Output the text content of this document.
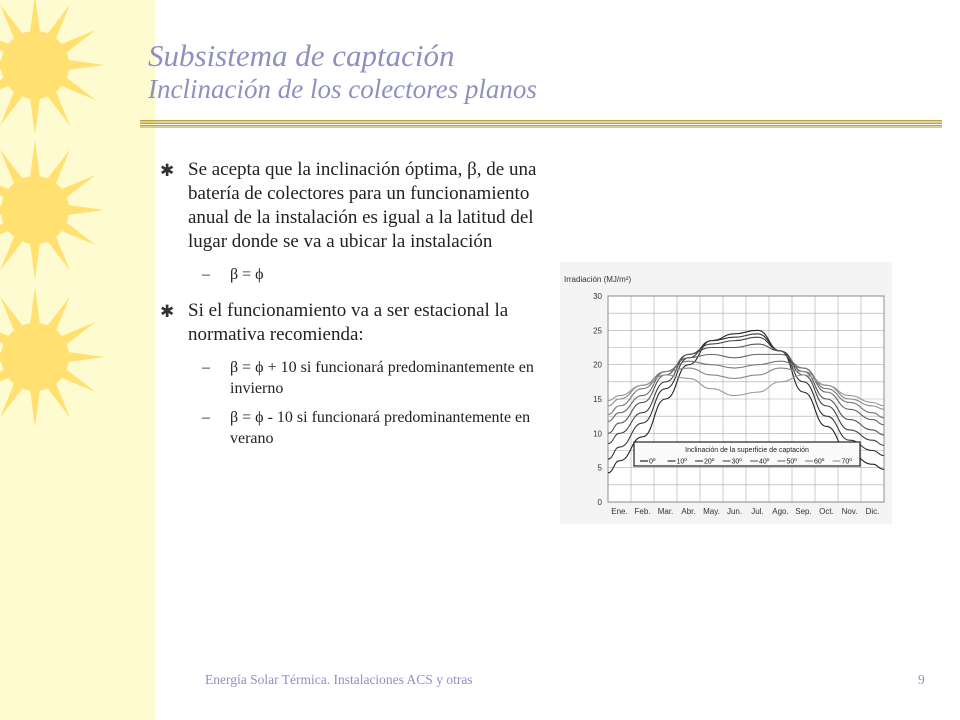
Subsistema de captación
Inclinación de los colectores planos
✱ Se acepta que la inclinación óptima, β, de una batería de colectores para un funcionamiento anual de la instalación es igual a la latitud del lugar donde se va a ubicar la instalación
– β = ϕ
✱ Si el funcionamiento va a ser estacional la normativa recomienda:
– β = ϕ + 10 si funcionará predominantemente en invierno
– β = ϕ - 10 si funcionará predominantemente en verano
Irradiación (MJ/m²)
0
5
10
15
20
25
30
Ene. Feb. Mar. Abr. May. Jun. Jul. Ago. Sep. Oct. Nov. Dic.
Inclinación de la superficie de captación
0º	10º 20º 30º 40º 50º 60º 70º
Energía Solar Térmica. Instalaciones ACS y otras	9
